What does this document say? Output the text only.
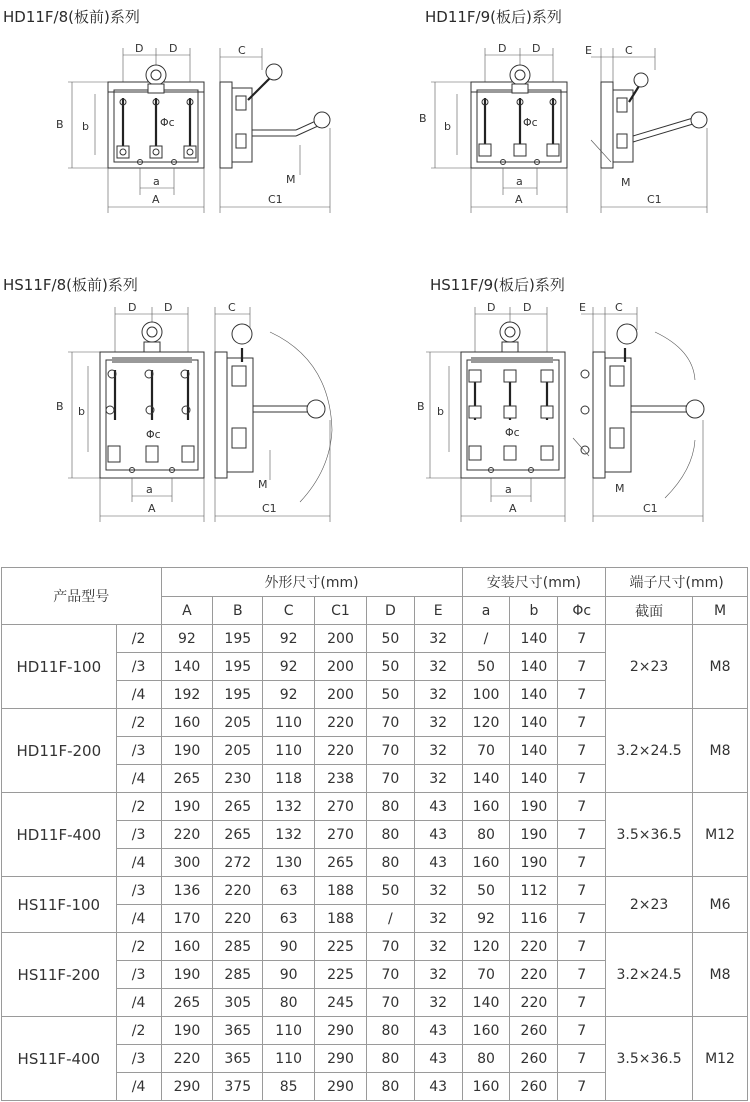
HD11F/8(板前)系列	HD11F/9(板后)系列
HS11F/8(板前)系列	HS11F/9(板后)系列
D D	C
B b	Φc
a
A
M
C1
D D	E	C
B
b	Φc
a
A
M
C1
D	D	C
B b
Φc
a
A
M
C1
D	D	E	C
B b
Φc
a
A
M
C1
产品型号		外形尺寸(mm)						安装尺寸(mm)			端子尺寸(mm)	
		A	B	C	C1	D	E	a	b	Φc	截面	M
HD11F-100	/2	92	195	92	200	50	32	/	140	7	2×23	M8
	/3	140	195	92	200	50	32	50	140	7		
	/4	192	195	92	200	50	32	100	140	7		
HD11F-200	/2	160	205	110	220	70	32	120	140	7	3.2×24.5	M8
	/3	190	205	110	220	70	32	70	140	7		
	/4	265	230	118	238	70	32	140	140	7		
HD11F-400	/2	190	265	132	270	80	43	160	190	7	3.5×36.5	M12
	/3	220	265	132	270	80	43	80	190	7		
	/4	300	272	130	265	80	43	160	190	7		
HS11F-100	/3	136	220	63	188	50	32	50	112	7	2×23	M6
	/4	170	220	63	188	/	32	92	116	7		
HS11F-200	/2	160	285	90	225	70	32	120	220	7	3.2×24.5	M8
	/3	190	285	90	225	70	32	70	220	7		
	/4	265	305	80	245	70	32	140	220	7		
HS11F-400	/2	190	365	110	290	80	43	160	260	7	3.5×36.5	M12
	/3	220	365	110	290	80	43	80	260	7		
	/4	290	375	85	290	80	43	160	260	7		
